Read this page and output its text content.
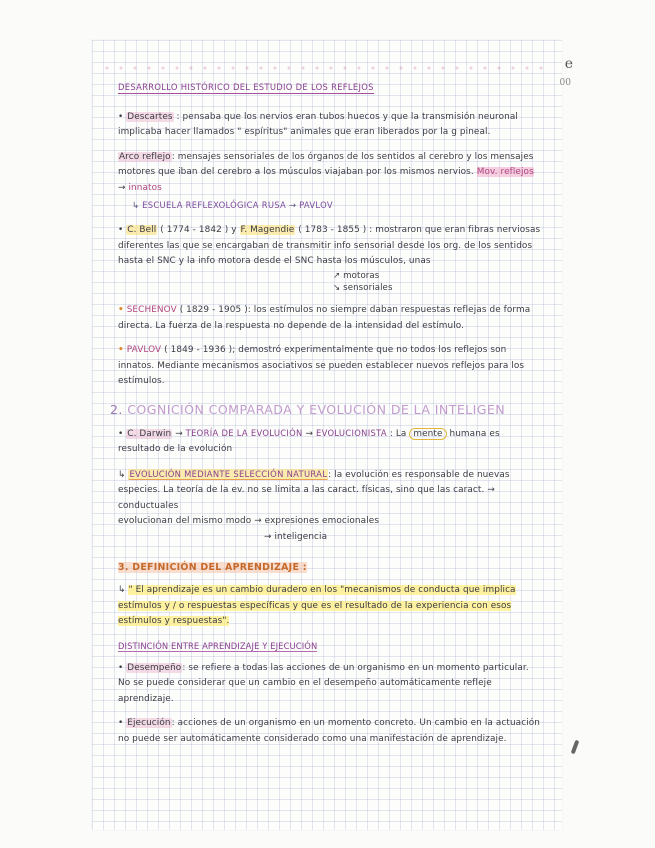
e
00
DESARROLLO HISTÓRICO DEL ESTUDIO DE LOS REFLEJOS
• Descartes : pensaba que los nervios eran tubos huecos y que la transmisión neuronal implicaba hacer llamados " espíritus" animales que eran liberados por la g pineal.
Arco reflejo: mensajes sensoriales de los órganos de los sentidos al cerebro y los mensajes motores que iban del cerebro a los músculos viajaban por los mismos nervios. Mov. reflejos → innatos
↳ ESCUELA REFLEXOLÓGICA RUSA → PAVLOV
• C. Bell ( 1774 - 1842 ) y F. Magendie ( 1783 - 1855 ) : mostraron que eran fibras nerviosas diferentes las que se encargaban de transmitir info sensorial desde los org. de los sentidos hasta el SNC y la info motora desde el SNC hasta los músculos, unas
↗ motoras
↘ sensoriales
• SECHENOV ( 1829 - 1905 ): los estímulos no siempre daban respuestas reflejas de forma directa. La fuerza de la respuesta no depende de la intensidad del estímulo.
• PAVLOV ( 1849 - 1936 ); demostró experimentalmente que no todos los reflejos son innatos. Mediante mecanismos asociativos se pueden establecer nuevos reflejos para los estímulos.
2. COGNICIÓN COMPARADA Y EVOLUCIÓN DE LA INTELIGEN
• C. Darwin → TEORÍA DE LA EVOLUCIÓN → EVOLUCIONISTA : La mente humana es resultado de la evolución
↳ EVOLUCIÓN MEDIANTE SELECCIÓN NATURAL: la evolución es responsable de nuevas especies. La teoría de la ev. no se limita a las caract. físicas, sino que las caract. → conductuales
evolucionan del mismo modo → expresiones emocionales
→ inteligencia
3. DEFINICIÓN DEL APRENDIZAJE :
↳ " El aprendizaje es un cambio duradero en los "mecanismos de conducta que implica estímulos y / o respuestas específicas y que es el resultado de la experiencia con esos estímulos y respuestas".
DISTINCIÓN ENTRE APRENDIZAJE Y EJECUCIÓN
• Desempeño: se refiere a todas las acciones de un organismo en un momento particular. No se puede considerar que un cambio en el desempeño automáticamente refleje aprendizaje.
• Ejecución: acciones de un organismo en un momento concreto. Un cambio en la actuación no puede ser automáticamente considerado como una manifestación de aprendizaje.
